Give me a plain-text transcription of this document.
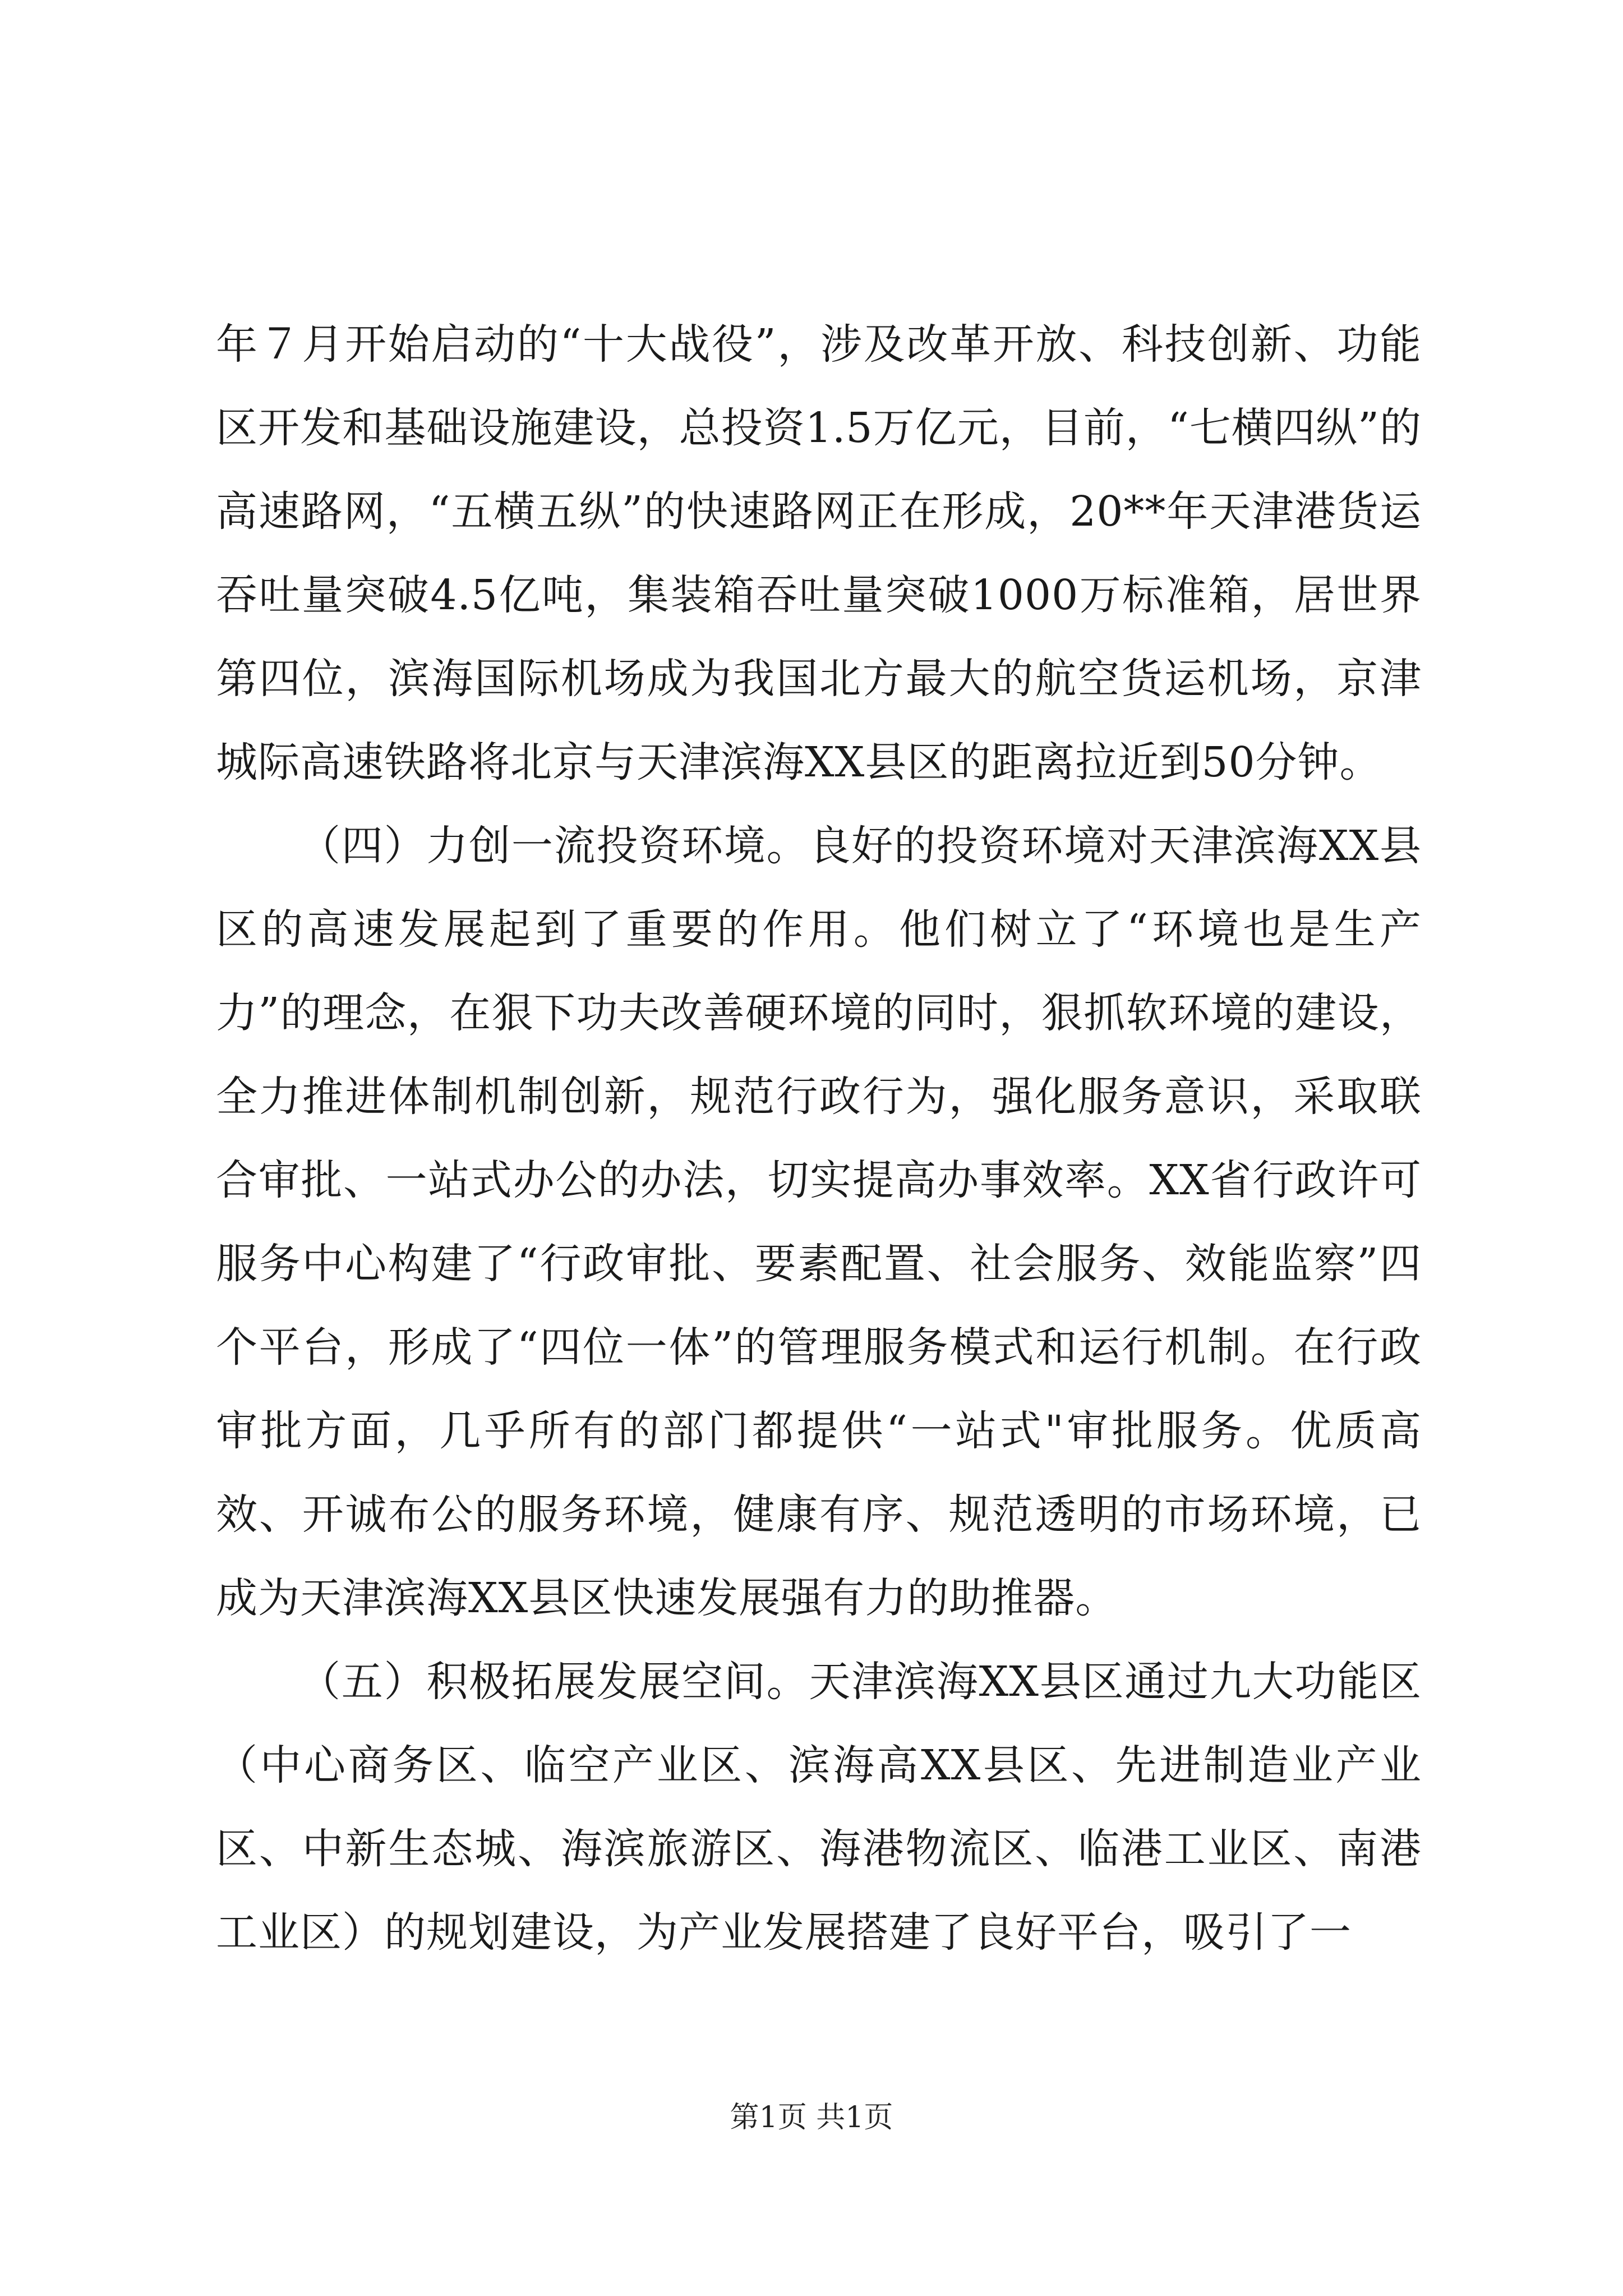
年７月开始启动的“十大战役”，涉及改革开放、科技创新、功能区开发和基础设施建设，总投资1.5万亿元，目前，“七横四纵”的高速路网，“五横五纵”的快速路网正在形成，20**年天津港货运吞吐量突破4.5亿吨，集装箱吞吐量突破1000万标准箱，居世界第四位，滨海国际机场成为我国北方最大的航空货运机场，京津城际高速铁路将北京与天津滨海XX县区的距离拉近到50分钟。

（四）力创一流投资环境。良好的投资环境对天津滨海XX县区的高速发展起到了重要的作用。他们树立了“环境也是生产力”的理念，在狠下功夫改善硬环境的同时，狠抓软环境的建设，全力推进体制机制创新，规范行政行为，强化服务意识，采取联合审批、一站式办公的办法，切实提高办事效率。XX省行政许可服务中心构建了“行政审批、要素配置、社会服务、效能监察”四个平台，形成了“四位一体”的管理服务模式和运行机制。在行政审批方面，几乎所有的部门都提供“一站式"审批服务。优质高效、开诚布公的服务环境，健康有序、规范透明的市场环境，已成为天津滨海XX县区快速发展强有力的助推器。

（五）积极拓展发展空间。天津滨海XX县区通过九大功能区（中心商务区、临空产业区、滨海高XX县区、先进制造业产业区、中新生态城、海滨旅游区、海港物流区、临港工业区、南港工业区）的规划建设，为产业发展搭建了良好平台，吸引了一

第1页 共1页
